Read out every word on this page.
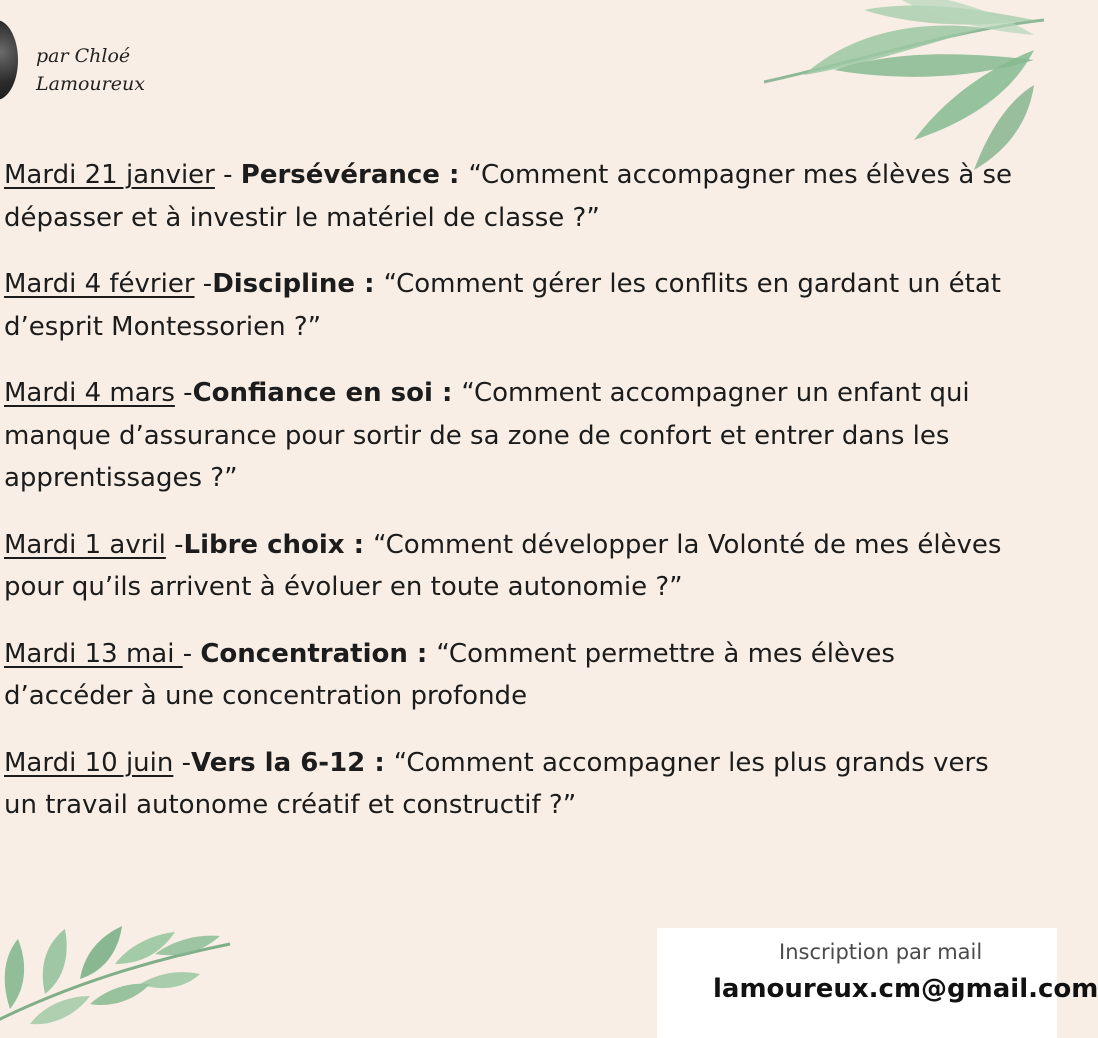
par Chloé
Lamoureux
Mardi 21 janvier - Persévérance : “Comment accompagner mes élèves à se dépasser et à investir le matériel de classe ?”
Mardi 4 février -Discipline : “Comment gérer les conflits en gardant un état d’esprit Montessorien ?”
Mardi 4 mars -Confiance en soi : “Comment accompagner un enfant qui manque d’assurance pour sortir de sa zone de confort et entrer dans les apprentissages ?”
Mardi 1 avril -Libre choix : “Comment développer la Volonté de mes élèves pour qu’ils arrivent à évoluer en toute autonomie ?”
Mardi 13 mai - Concentration : “Comment permettre à mes élèves d’accéder à une concentration profonde
Mardi 10 juin -Vers la 6-12 : “Comment accompagner les plus grands vers un travail autonome créatif et constructif ?”
Inscription par mail
lamoureux.cm@gmail.com
